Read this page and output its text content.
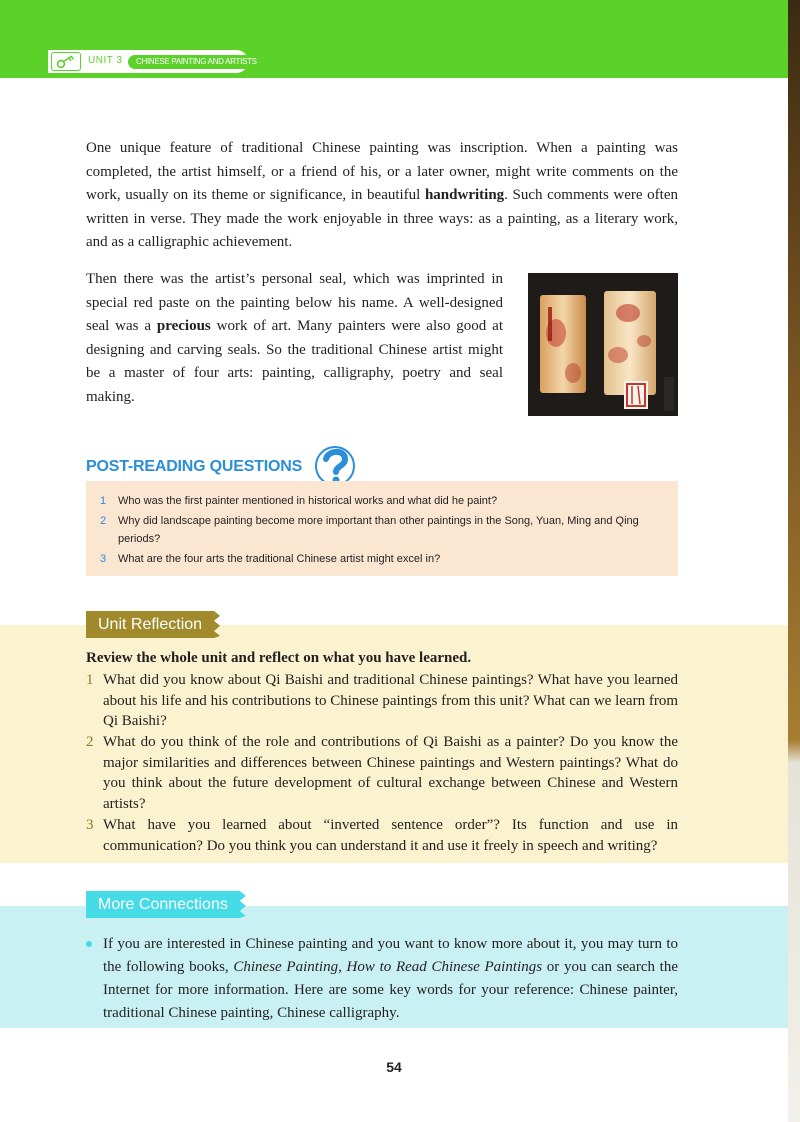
UNIT 3	CHINESE PAINTING AND ARTISTS

One unique feature of traditional Chinese painting was inscription. When a painting was completed, the artist himself, or a friend of his, or a later owner, might write comments on the work, usually on its theme or significance, in beautiful handwriting. Such comments were often written in verse. They made the work enjoyable in three ways: as a painting, as a literary work, and as a calligraphic achievement.

Then there was the artist’s personal seal, which was imprinted in special red paste on the painting below his name. A well-designed seal was a precious work of art. Many painters were also good at designing and carving seals. So the traditional Chinese artist might be a master of four arts: painting, calligraphy, poetry and seal making.

POST-READING QUESTIONS
1 Who was the first painter mentioned in historical works and what did he paint?
2 Why did landscape painting become more important than other paintings in the Song, Yuan, Ming and Qing periods?
3 What are the four arts the traditional Chinese artist might excel in?
Unit Reflection
Review the whole unit and reflect on what you have learned.
1 What did you know about Qi Baishi and traditional Chinese paintings? What have you learned about his life and his contributions to Chinese paintings from this unit? What can we learn from Qi Baishi?
2 What do you think of the role and contributions of Qi Baishi as a painter? Do you know the major similarities and differences between Chinese paintings and Western paintings? What do you think about the future development of cultural exchange between Chinese and Western artists?
3 What have you learned about “inverted sentence order”? Its function and use in communication? Do you think you can understand it and use it freely in speech and writing?
More Connections
If you are interested in Chinese painting and you want to know more about it, you may turn to the following books, Chinese Painting, How to Read Chinese Paintings or you can search the Internet for more information. Here are some key words for your reference: Chinese painter, traditional Chinese painting, Chinese calligraphy.
54
